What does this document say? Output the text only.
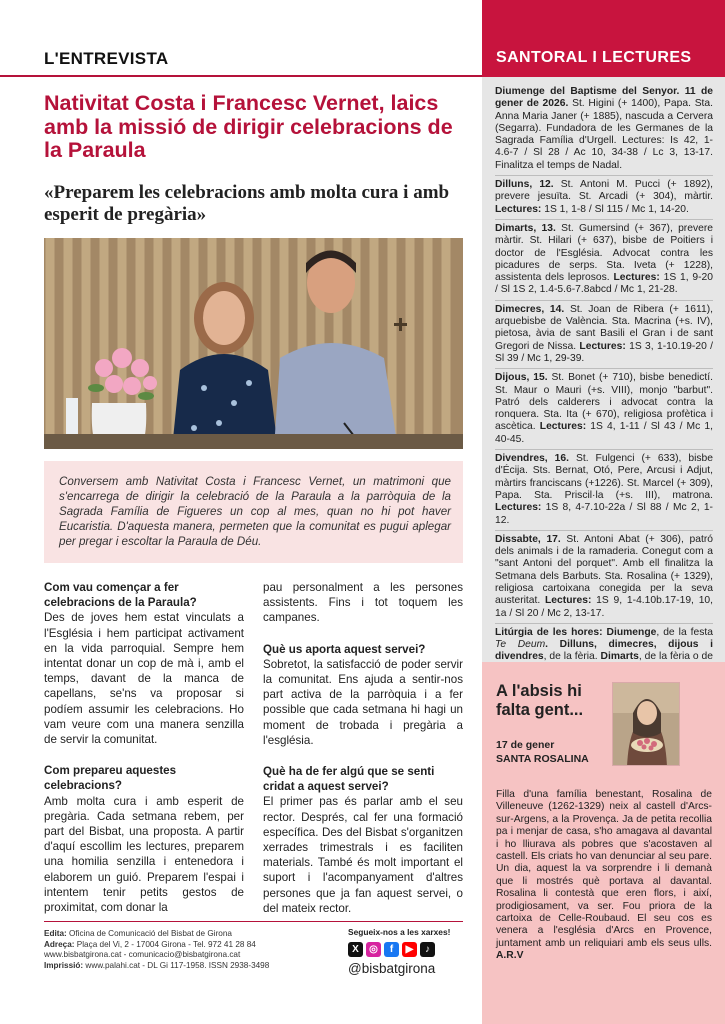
L'ENTREVISTA
Nativitat Costa i Francesc Vernet, laics amb la missió de dirigir celebracions de la Paraula
«Preparem les celebracions amb molta cura i amb esperit de pregària»

Conversem amb Nativitat Costa i Francesc Vernet, un matrimoni que s'encarrega de dirigir la celebració de la Paraula a la parròquia de la Sagrada Família de Figueres un cop al mes, quan no hi pot haver Eucaristia. D'aquesta manera, permeten que la comunitat es pugui aplegar per pregar i escoltar la Paraula de Déu.

Com vau començar a fer celebracions de la Paraula?

Des de joves hem estat vinculats a l'Església i hem participat activament en la vida parroquial. Sempre hem intentat donar un cop de mà i, amb el temps, davant de la manca de capellans, se'ns va proposar si podíem assumir les celebracions. Ho vam veure com una manera senzilla de servir la comunitat.

Com prepareu aquestes celebracions?

Amb molta cura i amb esperit de pregària. Cada setmana rebem, per part del Bisbat, una proposta. A partir d'aquí escollim les lectures, preparem una homilia senzilla i entenedora i elaborem un guió. Preparem l'espai i intentem tenir petits gestos de proximitat, com donar la

pau personalment a les persones assistents. Fins i tot toquem les campanes.

Què us aporta aquest servei?

Sobretot, la satisfacció de poder servir la comunitat. Ens ajuda a sentir-nos part activa de la parròquia i a fer possible que cada setmana hi hagi un moment de trobada i pregària a l'església.

Què ha de fer algú que se senti cridat a aquest servei?

El primer pas és parlar amb el seu rector. Després, cal fer una formació específica. Des del Bisbat s'organitzen xerrades trimestrals i es faciliten materials. També és molt important el suport i l'acompanyament d'altres persones que ja fan aquest servei, o del mateix rector.

Edita: Oficina de Comunicació del Bisbat de Girona
Adreça: Plaça del Vi, 2 - 17004 Girona - Tel. 972 41 28 84
www.bisbatgirona.cat - comunicacio@bisbatgirona.cat
Imprissió: www.palahi.cat - DL Gi 117-1958. ISSN 2938-3498
Segueix-nos a les xarxes!
X	◎	f	▶	♪
@bisbatgirona
SANTORAL I LECTURES
Diumenge del Baptisme del Senyor. 11 de gener de 2026. St. Higini (+ 1400), Papa. Sta. Anna Maria Janer (+ 1885), nascuda a Cervera (Segarra). Fundadora de les Germanes de la Sagrada Família d'Urgell. Lectures: Is 42, 1-4.6-7 / Sl 28 / Ac 10, 34-38 / Lc 3, 13-17. Finalitza el temps de Nadal.
Dilluns, 12. St. Antoni M. Pucci (+ 1892), prevere jesuïta. St. Arcadi (+ 304), màrtir. Lectures: 1S 1, 1-8 / Sl 115 / Mc 1, 14-20.
Dimarts, 13. St. Gumersind (+ 367), prevere màrtir. St. Hilari (+ 637), bisbe de Poitiers i doctor de l'Església. Advocat contra les picadures de serps. Sta. Iveta (+ 1228), assistenta dels leprosos. Lectures: 1S 1, 9-20 / Sl 1S 2, 1.4-5.6-7.8abcd / Mc 1, 21-28.
Dimecres, 14. St. Joan de Ribera (+ 1611), arquebisbe de València. Sta. Macrina (+s. IV), pietosa, àvia de sant Basili el Gran i de sant Gregori de Nissa. Lectures: 1S 3, 1-10.19-20 / Sl 39 / Mc 1, 29-39.
Dijous, 15. St. Bonet (+ 710), bisbe benedictí. St. Maur o Mauri (+s. VIII), monjo "barbut". Patró dels calderers i advocat contra la ronquera. Sta. Ita (+ 670), religiosa profètica i ascètica. Lectures: 1S 4, 1-11 / Sl 43 / Mc 1, 40-45.
Divendres, 16. St. Fulgenci (+ 633), bisbe d'Écija. Sts. Bernat, Otó, Pere, Arcusi i Adjut, màrtirs franciscans (+1226). St. Marcel (+ 309), Papa. Sta. Priscil·la (+s. III), matrona. Lectures: 1S 8, 4-7.10-22a / Sl 88 / Mc 2, 1-12.
Dissabte, 17. St. Antoni Abat (+ 306), patró dels animals i de la ramaderia. Conegut com a "sant Antoni del porquet". Amb ell finalitza la Setmana dels Barbuts. Sta. Rosalina (+ 1329), religiosa cartoixana conegida per la seva austeritat. Lectures: 1S 9, 1-4.10b.17-19, 10, 1a / Sl 20 / Mc 2, 13-17.
Litúrgia de les hores: Diumenge, de la festa Te Deum. Dilluns, dimecres, dijous i divendres, de la fèria. Dimarts, de la fèria o de
A l'absis hi falta gent...
17 de gener
SANTA ROSALINA
Filla d'una família benestant, Rosalina de Villeneuve (1262-1329) neix al castell d'Arcs-sur-Argens, a la Provença. Ja de petita recollia pa i menjar de casa, s'ho amagava al davantal i ho lliurava als pobres que s'acostaven al castell. Els criats ho van denunciar al seu pare. Un dia, aquest la va sorprendre i li demanà que li mostrés què portava al davantal. Rosalina li contestà que eren flors, i així, prodigiosament, va ser. Fou priora de la cartoixa de Celle-Roubaud. El seu cos es venera a l'església d'Arcs en Provence, juntament amb un reliquiari amb els seus ulls. A.R.V
